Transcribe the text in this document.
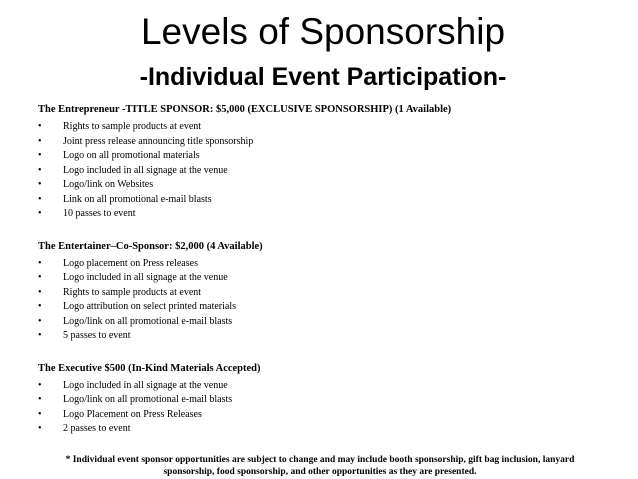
Levels of Sponsorship
-Individual Event Participation-

The Entrepreneur -TITLE SPONSOR: $5,000 (EXCLUSIVE SPONSORSHIP) (1 Available)

• Rights to sample products at event
• Joint press release announcing title sponsorship
• Logo on all promotional materials
• Logo included in all signage at the venue
• Logo/link on Websites
• Link on all promotional e-mail blasts
• 10 passes to event

The Entertainer–Co-Sponsor: $2,000 (4 Available)

• Logo placement on Press releases
• Logo included in all signage at the venue
• Rights to sample products at event
• Logo attribution on select printed materials
• Logo/link on all promotional e-mail blasts
• 5 passes to event

The Executive $500 (In-Kind Materials Accepted)

• Logo included in all signage at the venue
• Logo/link on all promotional e-mail blasts
• Logo Placement on Press Releases
• 2 passes to event

* Individual event sponsor opportunities are subject to change and may include booth sponsorship, gift bag inclusion, lanyard sponsorship, food sponsorship, and other opportunities as they are presented.
